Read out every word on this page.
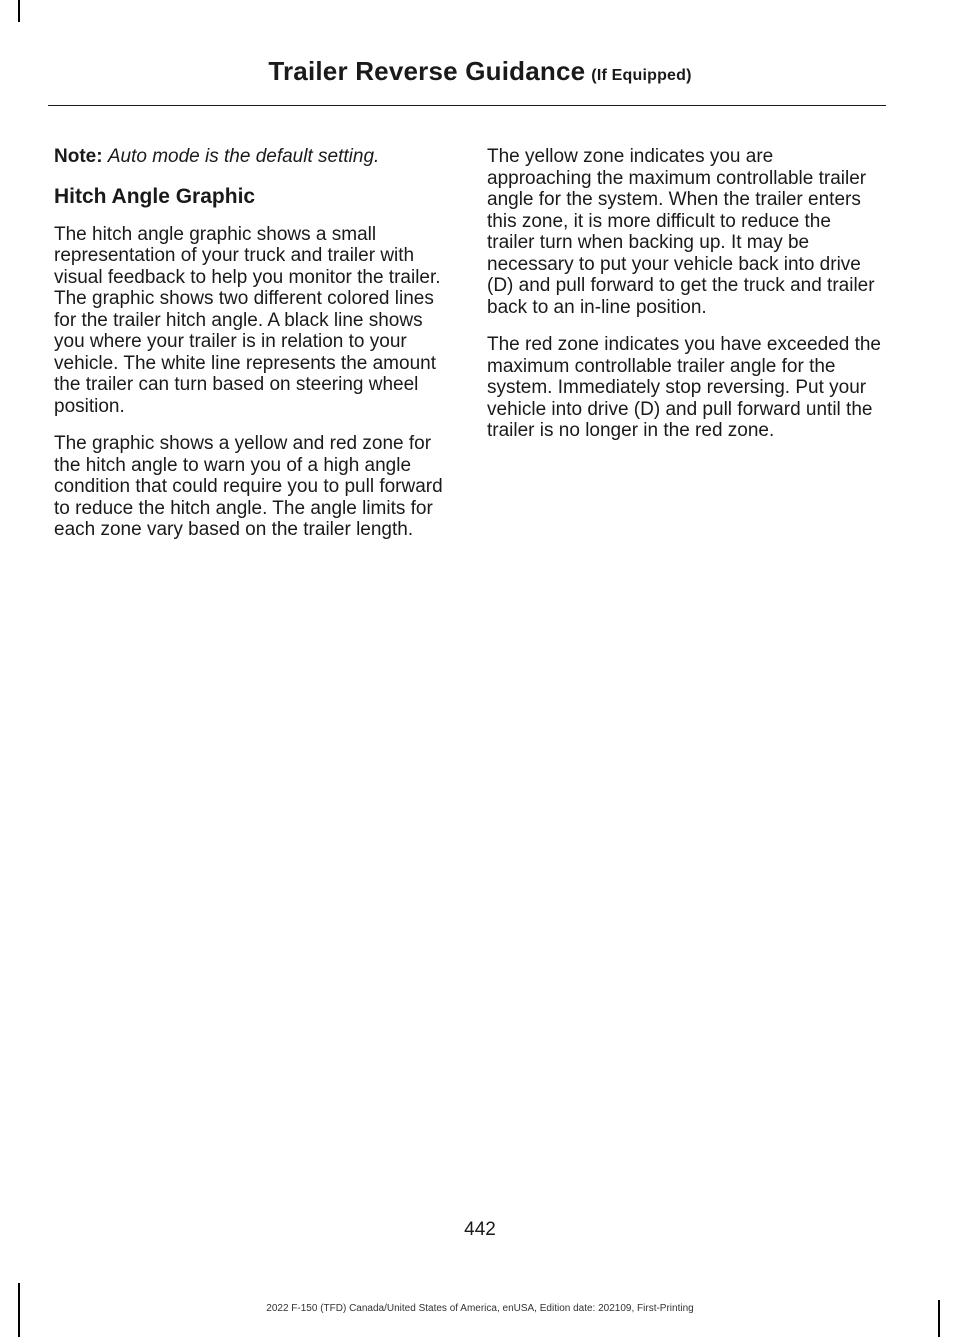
Trailer Reverse Guidance (If Equipped)

Note: Auto mode is the default setting.

Hitch Angle Graphic

The hitch angle graphic shows a small representation of your truck and trailer with visual feedback to help you monitor the trailer. The graphic shows two different colored lines for the trailer hitch angle. A black line shows you where your trailer is in relation to your vehicle. The white line represents the amount the trailer can turn based on steering wheel position.

The graphic shows a yellow and red zone for the hitch angle to warn you of a high angle condition that could require you to pull forward to reduce the hitch angle. The angle limits for each zone vary based on the trailer length.

The yellow zone indicates you are approaching the maximum controllable trailer angle for the system. When the trailer enters this zone, it is more difficult to reduce the trailer turn when backing up. It may be necessary to put your vehicle back into drive (D) and pull forward to get the truck and trailer back to an in-line position.

The red zone indicates you have exceeded the maximum controllable trailer angle for the system. Immediately stop reversing. Put your vehicle into drive (D) and pull forward until the trailer is no longer in the red zone.

442
2022 F-150 (TFD) Canada/United States of America, enUSA, Edition date: 202109, First-Printing
